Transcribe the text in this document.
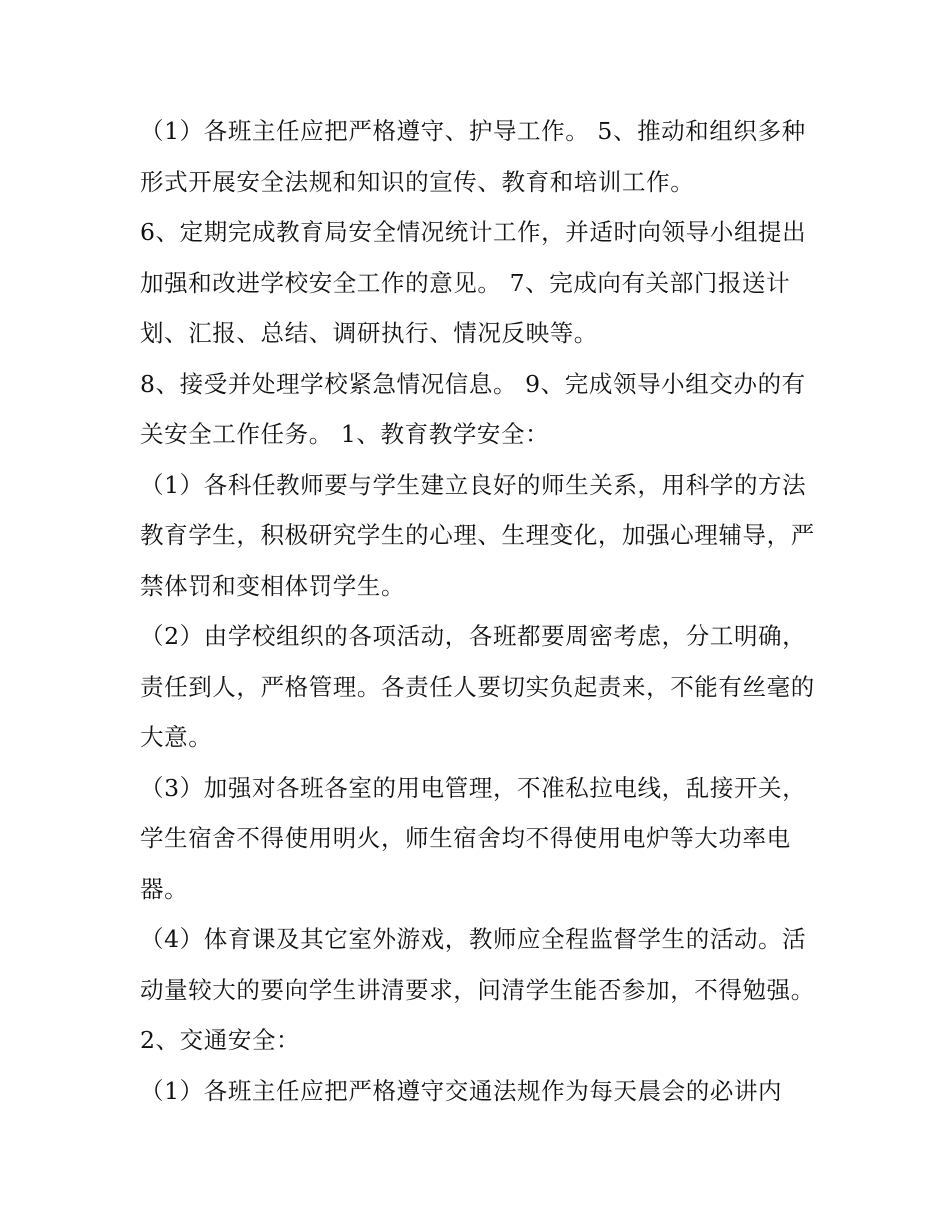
（1）各班主任应把严格遵守、护导工作。 5、推动和组织多种形式开展安全法规和知识的宣传、教育和培训工作。

6、定期完成教育局安全情况统计工作，并适时向领导小组提出加强和改进学校安全工作的意见。 7、完成向有关部门报送计划、汇报、总结、调研执行、情况反映等。

8、接受并处理学校紧急情况信息。 9、完成领导小组交办的有关安全工作任务。 1、教育教学安全：

（1）各科任教师要与学生建立良好的师生关系，用科学的方法教育学生，积极研究学生的心理、生理变化，加强心理辅导，严禁体罚和变相体罚学生。

（2）由学校组织的各项活动，各班都要周密考虑，分工明确，责任到人，严格管理。各责任人要切实负起责来，不能有丝毫的大意。

（3）加强对各班各室的用电管理，不准私拉电线，乱接开关，学生宿舍不得使用明火，师生宿舍均不得使用电炉等大功率电器。

（4）体育课及其它室外游戏，教师应全程监督学生的活动。活动量较大的要向学生讲清要求，问清学生能否参加，不得勉强。 2、交通安全：

（1）各班主任应把严格遵守交通法规作为每天晨会的必讲内
